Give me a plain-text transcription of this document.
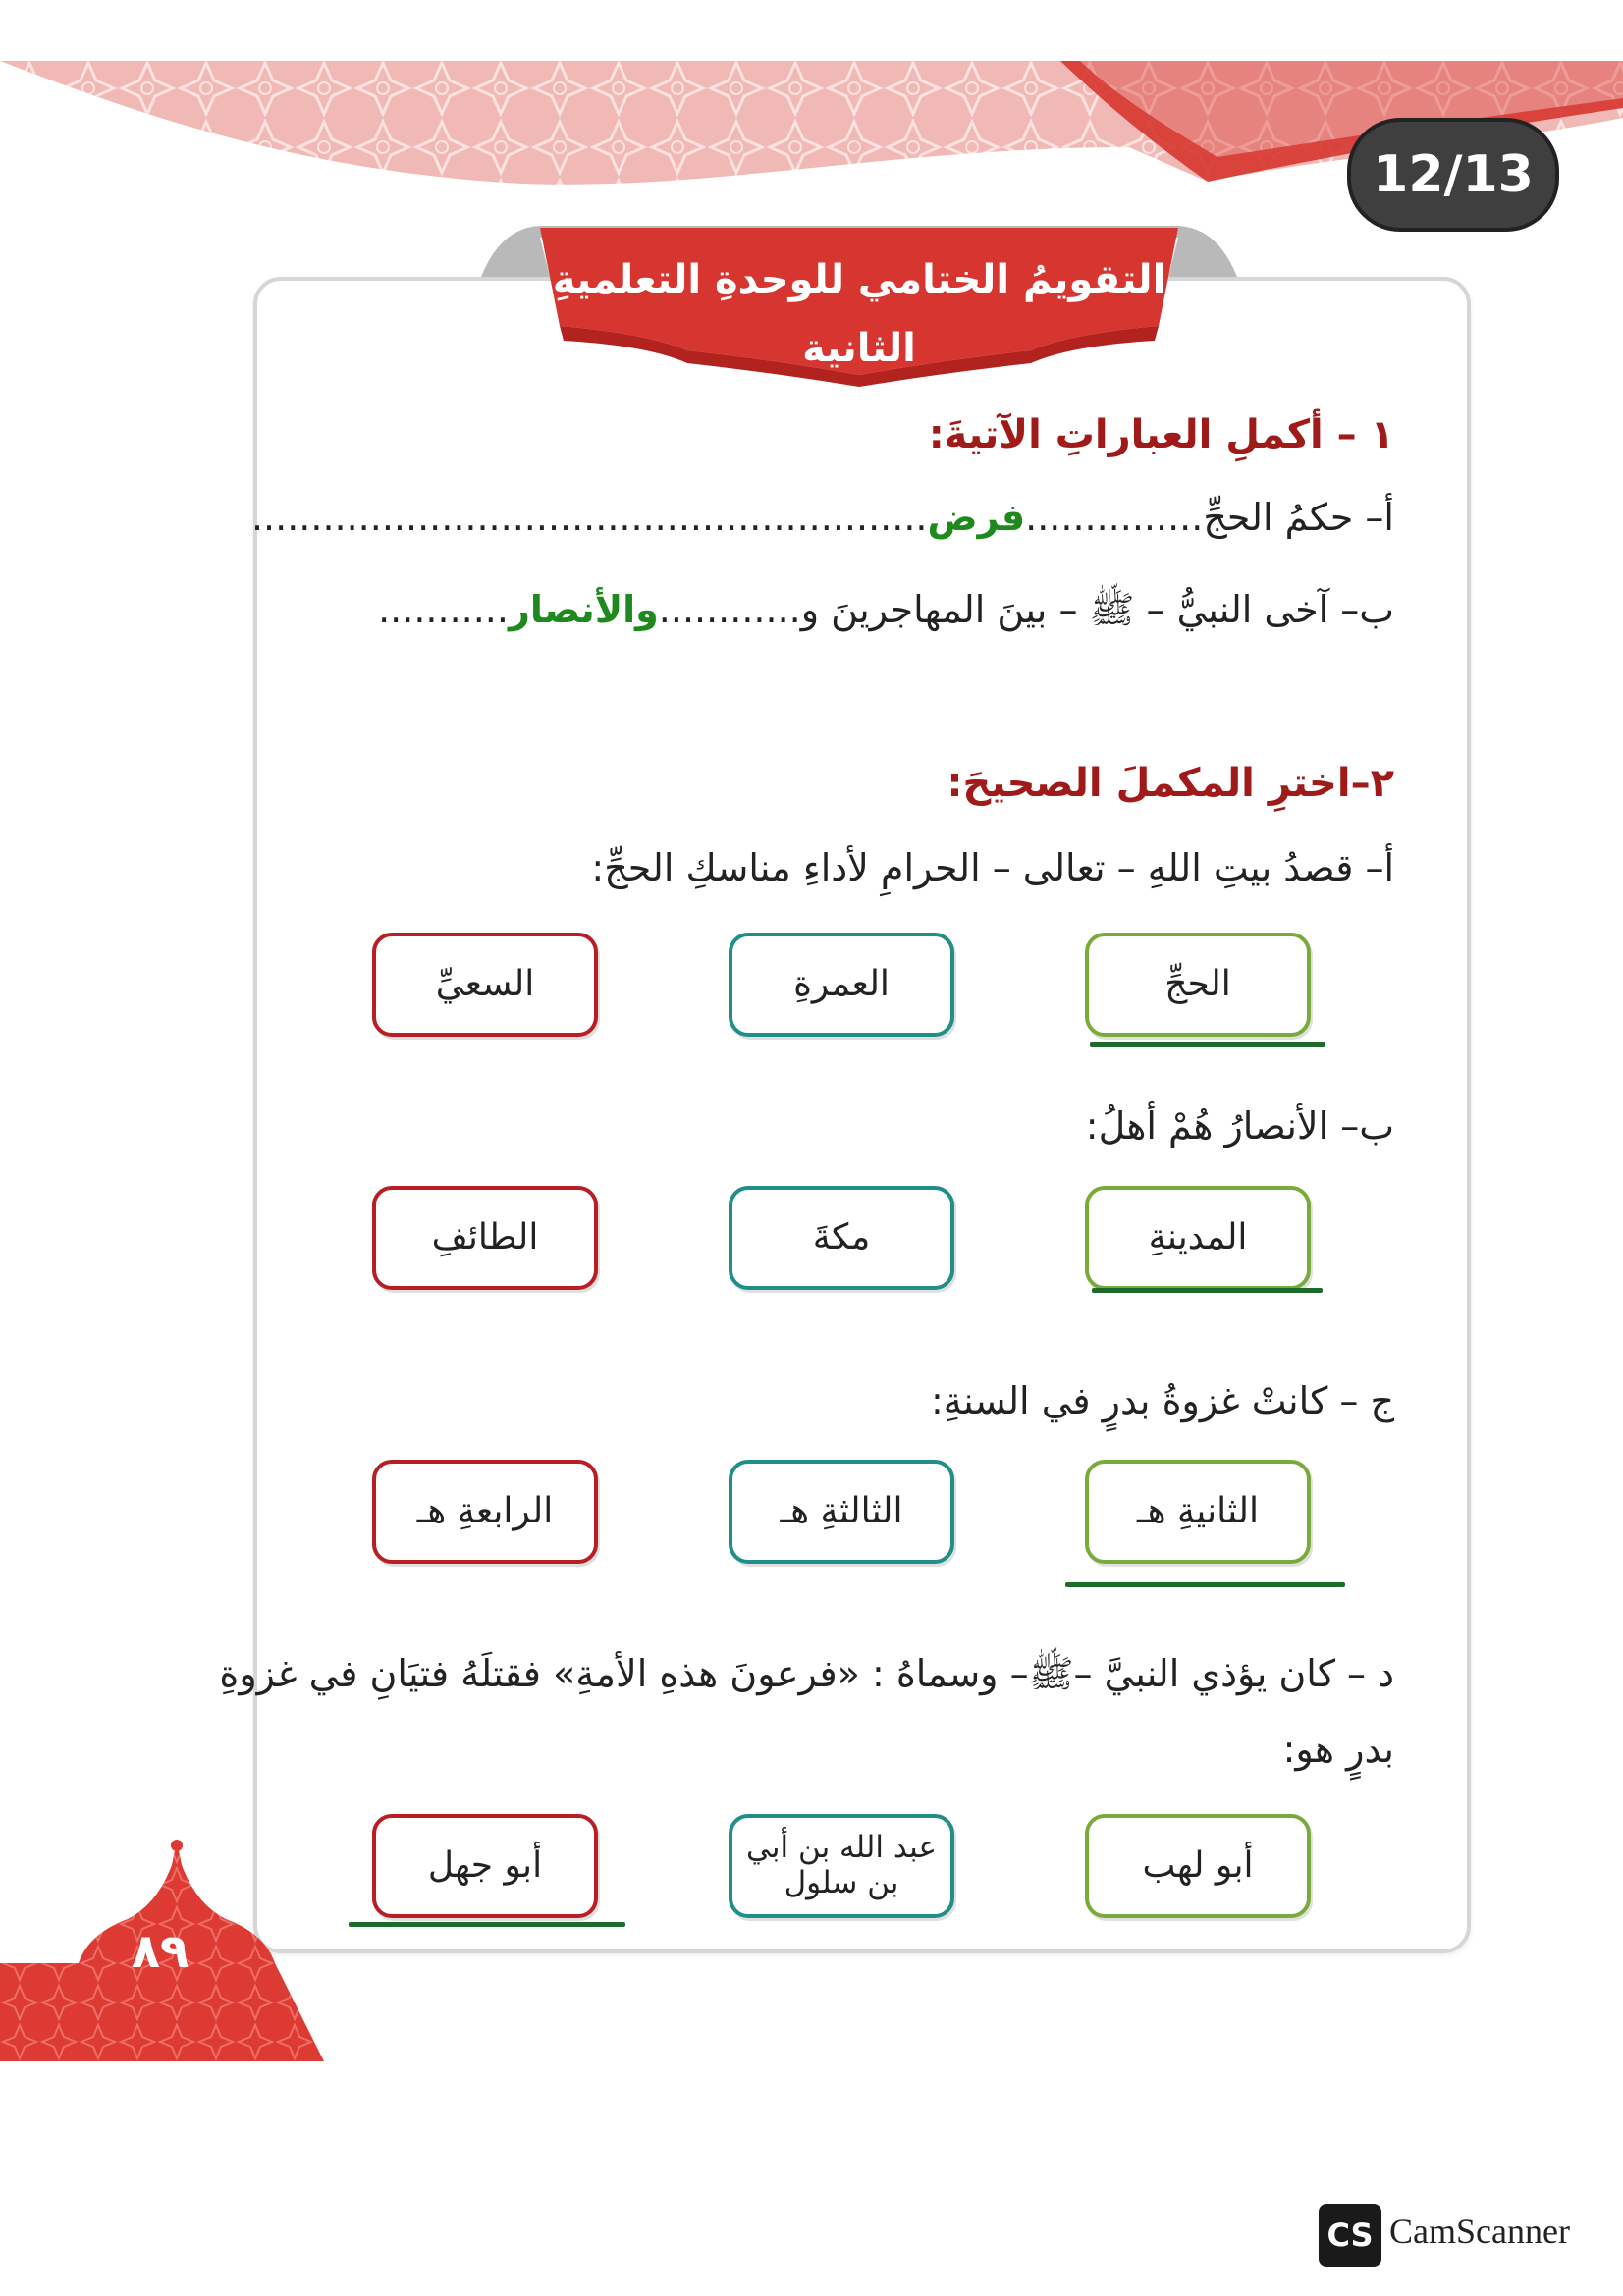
12/13
التقويمُ الختامي للوحدةِ التعلميةِ الثانية
١ – أكملِ العباراتِ الآتيةَ:
أ– حكمُ الحجِّ...............فرض.........................................................
ب– آخى النبيُّ – ﷺ – بينَ المهاجرينَ و............والأنصار...........
٢–اخترِ المكملَ الصحيحَ:
أ– قصدُ بيتِ اللهِ – تعالى – الحرامِ لأداءِ مناسكِ الحجِّ:
الحجِّ
العمرةِ
السعيِّ
ب– الأنصارُ هُمْ أهلُ:
المدينةِ
مكةَ
الطائفِ
ج – كانتْ غزوةُ بدرٍ في السنةِ:
الثانيةِ هـ
الثالثةِ هـ
الرابعةِ هـ
د – كان يؤذي النبيَّ –ﷺ– وسماهُ : «فرعونَ هذهِ الأمةِ» فقتلَهُ فتيَانِ في غزوةِ
بدرٍ هو:
أبو لهب
عبد الله بن أبي بن سلول
أبو جهل
٨٩
CS CamScanner
